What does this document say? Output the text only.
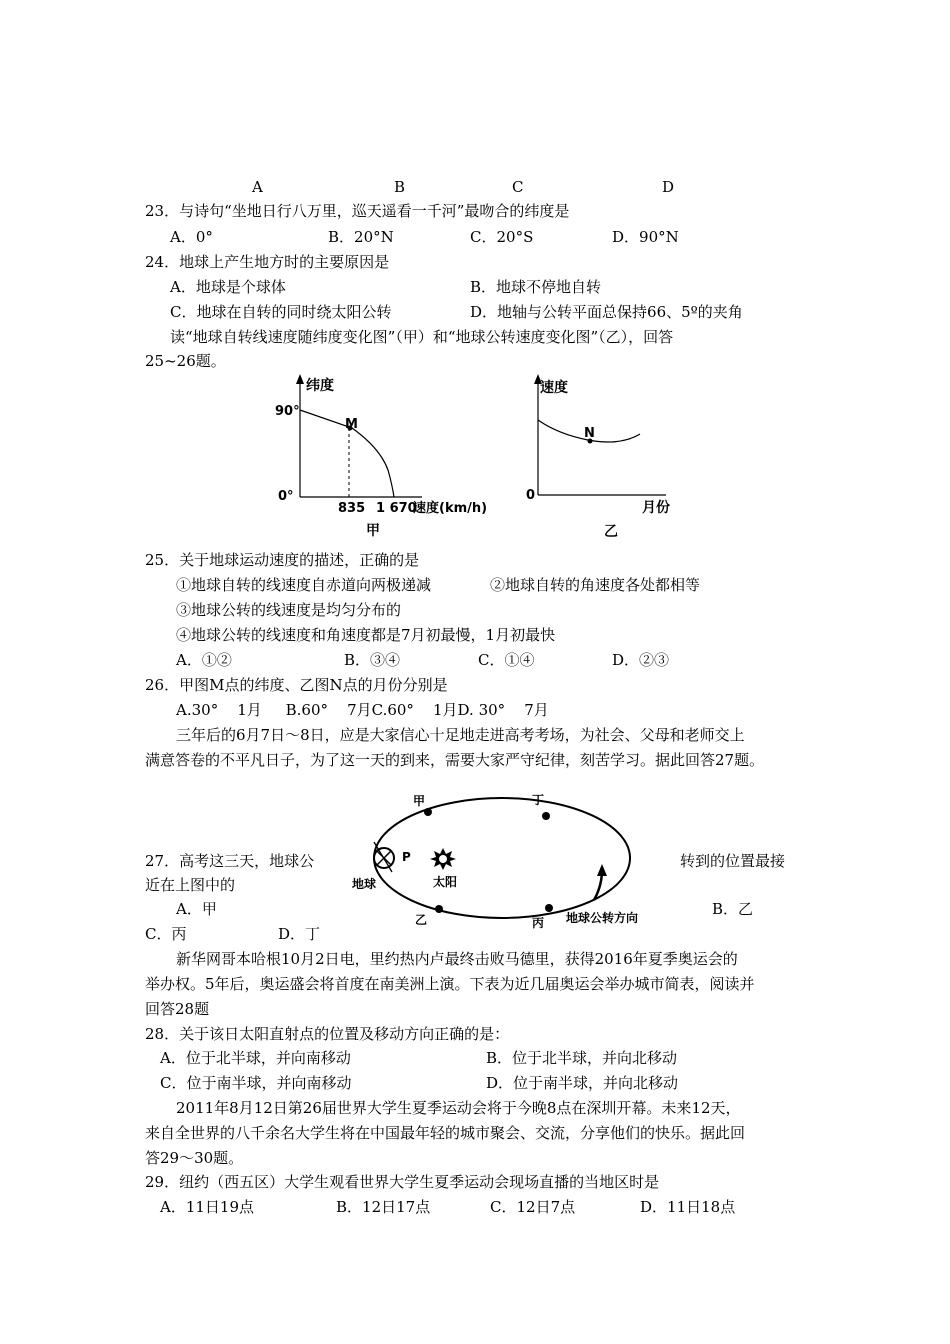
A	B	C	D
23．与诗句“坐地日行八万里，巡天遥看一千河”最吻合的纬度是
A．0°	B．20°N	C．20°S	D．90°N
24．地球上产生地方时的主要原因是
A．地球是个球体	B．地球不停地自转
C．地球在自转的同时绕太阳公转	D．地轴与公转平面总保持66、5º的夹角
读“地球自转线速度随纬度变化图”（甲）和“地球公转速度变化图”（乙），回答
25~26题。
纬度
90°
0°
M
835 1 670
速度(km/h)
甲
速度
0
N
月份
乙
25．关于地球运动速度的描述，正确的是
①地球自转的线速度自赤道向两极递减	②地球自转的角速度各处都相等
③地球公转的线速度是均匀分布的
④地球公转的线速度和角速度都是7月初最慢，1月初最快
A．①②	B．③④	C．①④	D．②③
26．甲图M点的纬度、乙图N点的月份分别是
A.30°    1月     B.60°    7月C.60°    1月D. 30°    7月
三年后的6月7日～8日，应是大家信心十足地走进高考考场，为社会、父母和老师交上
满意答卷的不平凡日子，为了这一天的到来，需要大家严守纪律，刻苦学习。据此回答27题。
甲	丁
P
地球	太阳
乙	丙 地球公转方向
27．高考这三天，地球公	转到的位置最接
近在上图中的
A．甲	B．乙
C．丙	D．丁
新华网哥本哈根10月2日电，里约热内卢最终击败马德里，获得2016年夏季奥运会的
举办权。5年后，奥运盛会将首度在南美洲上演。下表为近几届奥运会举办城市简表，阅读并
回答28题
28．关于该日太阳直射点的位置及移动方向正确的是：
A．位于北半球，并向南移动	B．位于北半球，并向北移动
C．位于南半球，并向南移动	D．位于南半球，并向北移动
2011年8月12日第26届世界大学生夏季运动会将于今晚8点在深圳开幕。未来12天，
来自全世界的八千余名大学生将在中国最年轻的城市聚会、交流，分享他们的快乐。据此回
答29～30题。
29．纽约（西五区）大学生观看世界大学生夏季运动会现场直播的当地区时是
A．11日19点	B．12日17点	C．12日7点	D．11日18点
